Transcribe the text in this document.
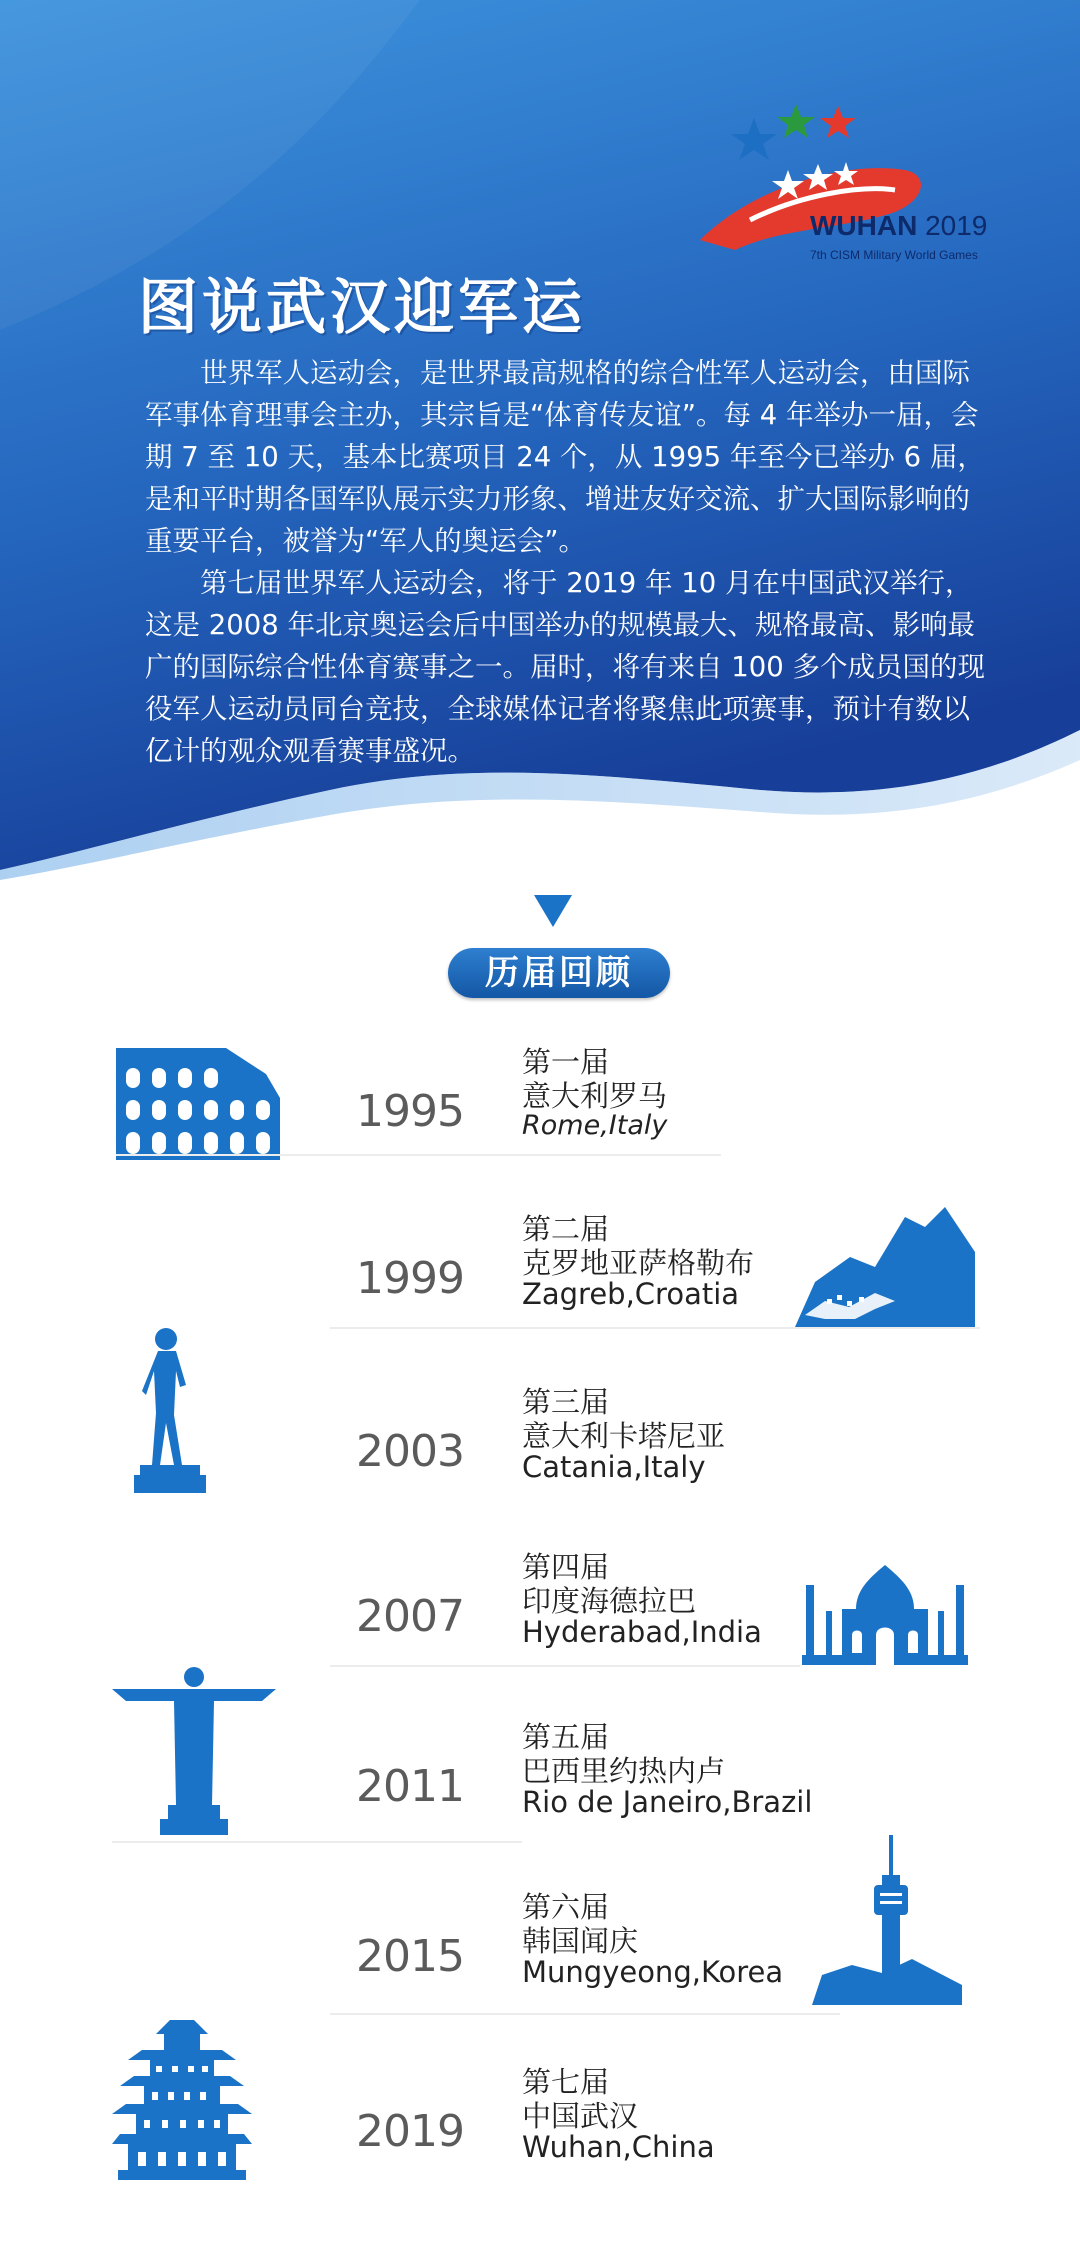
WUHAN 2019
7th CISM Military World Games
图说武汉迎军运

世界军人运动会，是世界最高规格的综合性军人运动会，由国际军事体育理事会主办，其宗旨是“体育传友谊”。每 4 年举办一届，会期 7 至 10 天，基本比赛项目 24 个，从 1995 年至今已举办 6 届，是和平时期各国军队展示实力形象、增进友好交流、扩大国际影响的重要平台，被誉为“军人的奥运会”。

第七届世界军人运动会，将于 2019 年 10 月在中国武汉举行，这是 2008 年北京奥运会后中国举办的规模最大、规格最高、影响最广的国际综合性体育赛事之一。届时，将有来自 100 多个成员国的现役军人运动员同台竞技，全球媒体记者将聚焦此项赛事，预计有数以亿计的观众观看赛事盛况。

历届回顾
1995
第一届
意大利罗马
Rome,Italy
1999
第二届
克罗地亚萨格勒布
Zagreb,Croatia
2003
第三届
意大利卡塔尼亚
Catania,Italy
2007
第四届
印度海德拉巴
Hyderabad,India
2011
第五届
巴西里约热内卢
Rio de Janeiro,Brazil
2015
第六届
韩国闻庆
Mungyeong,Korea
2019
第七届
中国武汉
Wuhan,China
